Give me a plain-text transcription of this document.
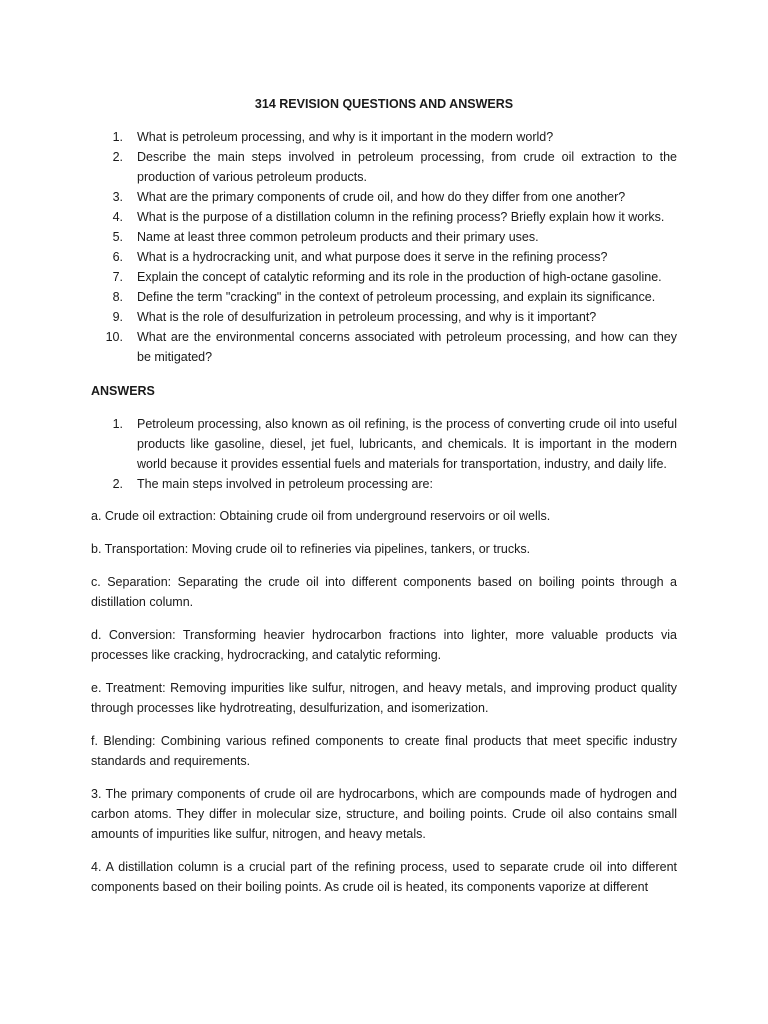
314 REVISION QUESTIONS AND ANSWERS
1. What is petroleum processing, and why is it important in the modern world?
2. Describe the main steps involved in petroleum processing, from crude oil extraction to the production of various petroleum products.
3. What are the primary components of crude oil, and how do they differ from one another?
4. What is the purpose of a distillation column in the refining process? Briefly explain how it works.
5. Name at least three common petroleum products and their primary uses.
6. What is a hydrocracking unit, and what purpose does it serve in the refining process?
7. Explain the concept of catalytic reforming and its role in the production of high-octane gasoline.
8. Define the term "cracking" in the context of petroleum processing, and explain its significance.
9. What is the role of desulfurization in petroleum processing, and why is it important?
10. What are the environmental concerns associated with petroleum processing, and how can they be mitigated?
ANSWERS
1. Petroleum processing, also known as oil refining, is the process of converting crude oil into useful products like gasoline, diesel, jet fuel, lubricants, and chemicals. It is important in the modern world because it provides essential fuels and materials for transportation, industry, and daily life.
2. The main steps involved in petroleum processing are:

a. Crude oil extraction: Obtaining crude oil from underground reservoirs or oil wells.

b. Transportation: Moving crude oil to refineries via pipelines, tankers, or trucks.

c. Separation: Separating the crude oil into different components based on boiling points through a distillation column.

d. Conversion: Transforming heavier hydrocarbon fractions into lighter, more valuable products via processes like cracking, hydrocracking, and catalytic reforming.

e. Treatment: Removing impurities like sulfur, nitrogen, and heavy metals, and improving product quality through processes like hydrotreating, desulfurization, and isomerization.

f. Blending: Combining various refined components to create final products that meet specific industry standards and requirements.

3. The primary components of crude oil are hydrocarbons, which are compounds made of hydrogen and carbon atoms. They differ in molecular size, structure, and boiling points. Crude oil also contains small amounts of impurities like sulfur, nitrogen, and heavy metals.

4. A distillation column is a crucial part of the refining process, used to separate crude oil into different components based on their boiling points. As crude oil is heated, its components vaporize at different
